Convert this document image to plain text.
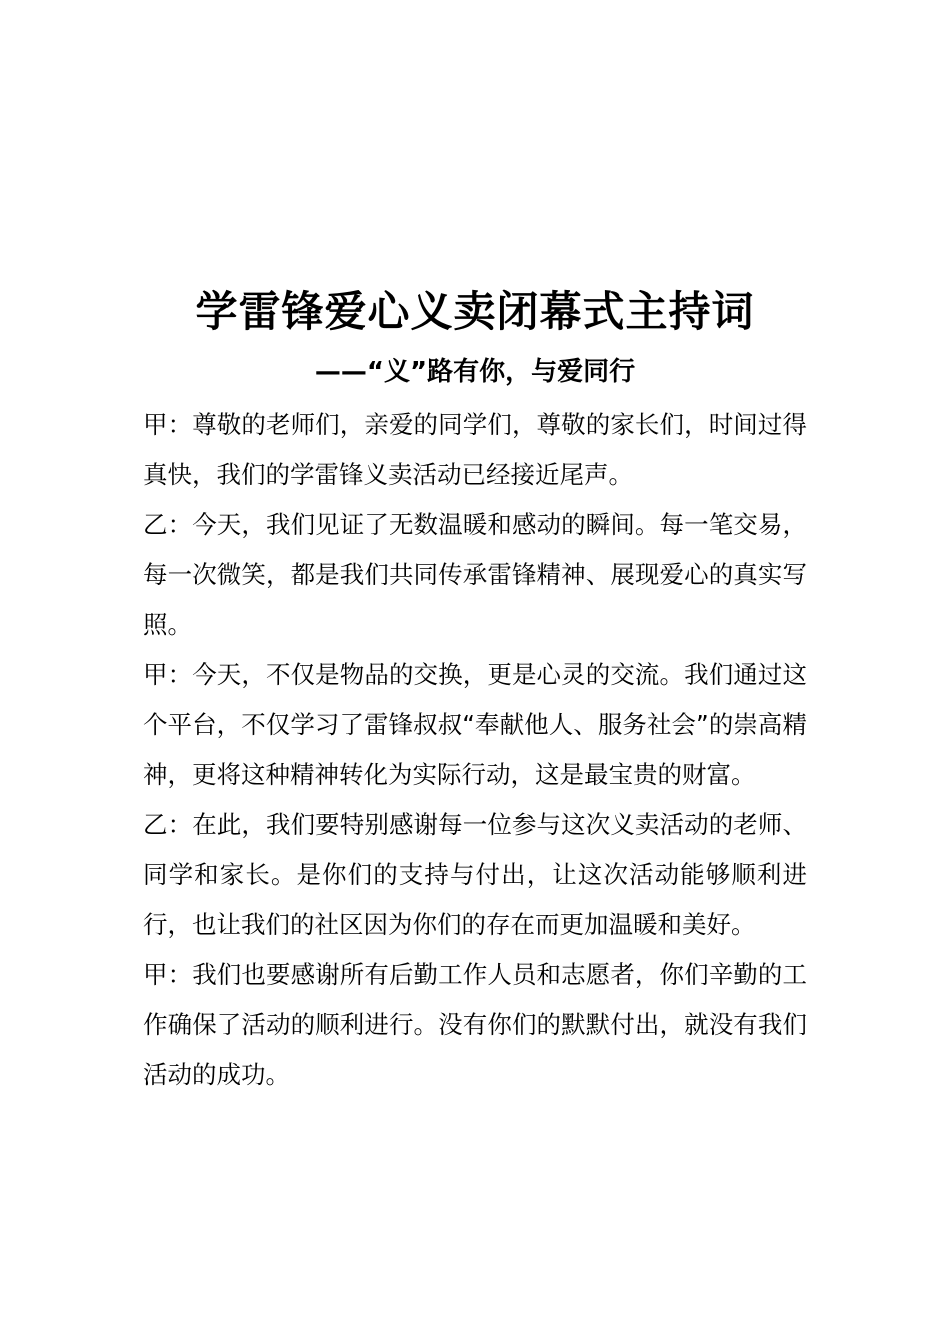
学雷锋爱心义卖闭幕式主持词
——“义”路有你，与爱同行

甲：尊敬的老师们，亲爱的同学们，尊敬的家长们，时间过得真快，我们的学雷锋义卖活动已经接近尾声。

乙：今天，我们见证了无数温暖和感动的瞬间。每一笔交易，每一次微笑，都是我们共同传承雷锋精神、展现爱心的真实写照。

甲：今天，不仅是物品的交换，更是心灵的交流。我们通过这个平台，不仅学习了雷锋叔叔“奉献他人、服务社会”的崇高精神，更将这种精神转化为实际行动，这是最宝贵的财富。

乙：在此，我们要特别感谢每一位参与这次义卖活动的老师、同学和家长。是你们的支持与付出，让这次活动能够顺利进行，也让我们的社区因为你们的存在而更加温暖和美好。

甲：我们也要感谢所有后勤工作人员和志愿者，你们辛勤的工作确保了活动的顺利进行。没有你们的默默付出，就没有我们活动的成功。
